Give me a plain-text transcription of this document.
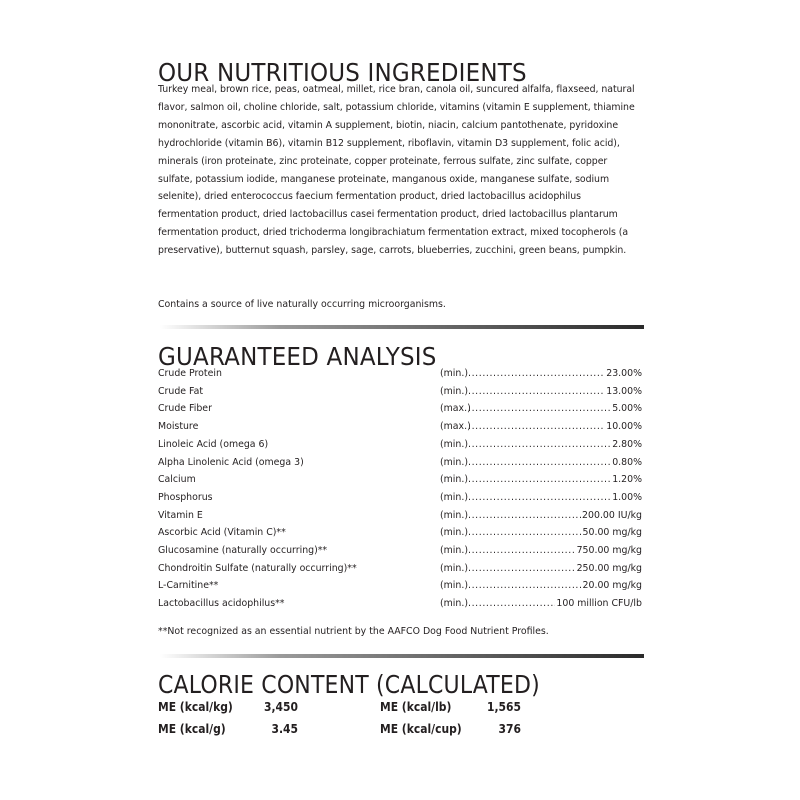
OUR NUTRITIOUS INGREDIENTS

Turkey meal, brown rice, peas, oatmeal, millet, rice bran, canola oil, suncured alfalfa, flaxseed, natural flavor, salmon oil, choline chloride, salt, potassium chloride, vitamins (vitamin E supplement, thiamine mononitrate, ascorbic acid, vitamin A supplement, biotin, niacin, calcium pantothenate, pyridoxine hydrochloride (vitamin B6), vitamin B12 supplement, riboflavin, vitamin D3 supplement, folic acid), minerals (iron proteinate, zinc proteinate, copper proteinate, ferrous sulfate, zinc sulfate, copper sulfate, potassium iodide, manganese proteinate, manganous oxide, manganese sulfate, sodium selenite), dried enterococcus faecium fermentation product, dried lactobacillus acidophilus fermentation product, dried lactobacillus casei fermentation product, dried lactobacillus plantarum fermentation product, dried trichoderma longibrachiatum fermentation extract, mixed tocopherols (a preservative), butternut squash, parsley, sage, carrots, blueberries, zucchini, green beans, pumpkin.

Contains a source of live naturally occurring microorganisms.

GUARANTEED ANALYSIS
Crude Protein	(min.) .....	23.00%
Crude Fat	(min.) .....	13.00%
Crude Fiber	(max.) .....	5.00%
Moisture	(max.) .....	10.00%
Linoleic Acid (omega 6)	(min.) .....	2.80%
Alpha Linolenic Acid (omega 3)	(min.) .....	0.80%
Calcium	(min.) .....	1.20%
Phosphorus	(min.) .....	1.00%
Vitamin E	(min.) .....	200.00 IU/kg
Ascorbic Acid (Vitamin C)**	(min.) .....	50.00 mg/kg
Glucosamine (naturally occurring)**	(min.) .....	750.00 mg/kg
Chondroitin Sulfate (naturally occurring)**	(min.) .....	250.00 mg/kg
L-Carnitine**	(min.) .....	20.00 mg/kg
Lactobacillus acidophilus**	(min.) .....	100 million CFU/lb

**Not recognized as an essential nutrient by the AAFCO Dog Food Nutrient Profiles.

CALORIE CONTENT (CALCULATED)
ME (kcal/kg)	3,450	ME (kcal/lb)	1,565
ME (kcal/g)	3.45	ME (kcal/cup)	376
